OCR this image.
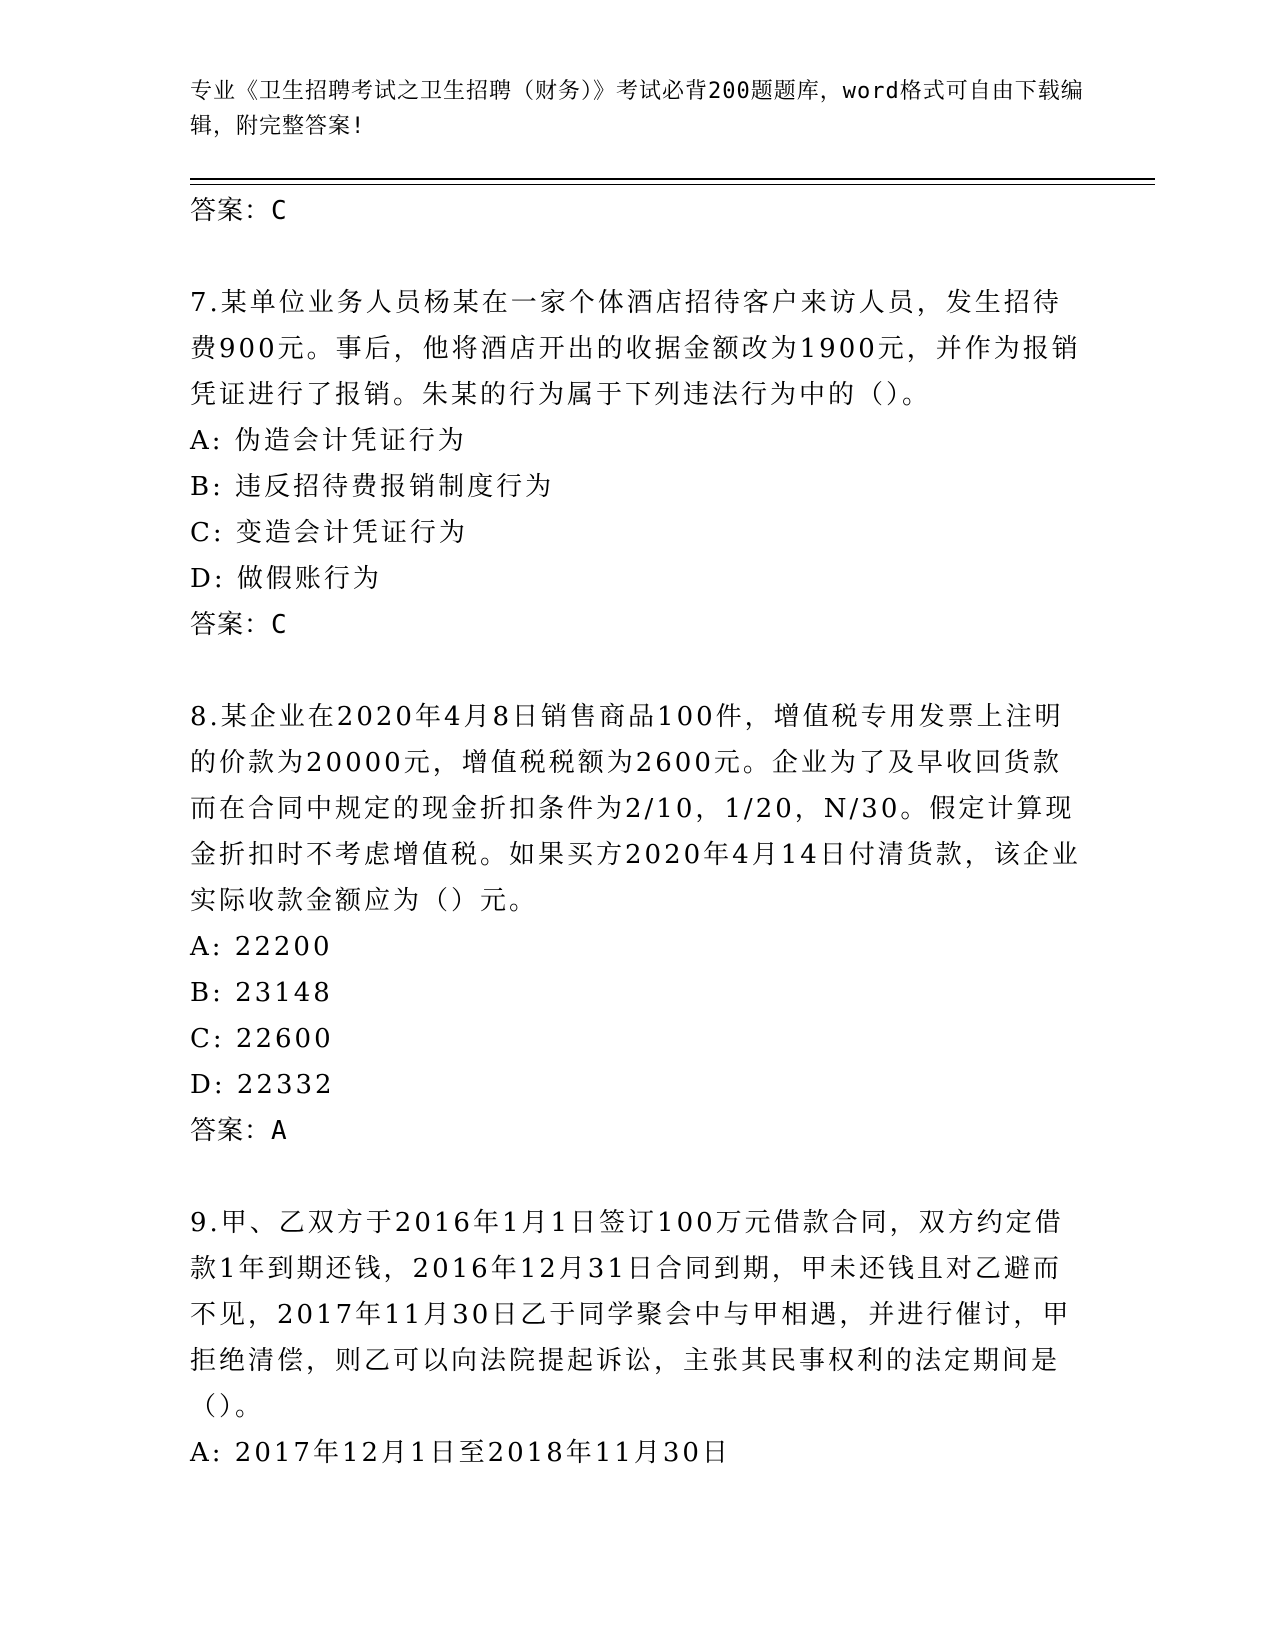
专业《卫生招聘考试之卫生招聘（财务）》考试必背200题题库，word格式可自由下载编辑，附完整答案!
答案：C

7.某单位业务人员杨某在一家个体酒店招待客户来访人员，发生招待费900元。事后，他将酒店开出的收据金额改为1900元，并作为报销凭证进行了报销。朱某的行为属于下列违法行为中的（）。

A: 伪造会计凭证行为
B: 违反招待费报销制度行为
C: 变造会计凭证行为
D: 做假账行为
答案：C

8.某企业在2020年4月8日销售商品100件，增值税专用发票上注明的价款为20000元，增值税税额为2600元。企业为了及早收回货款而在合同中规定的现金折扣条件为2/10，1/20，N/30。假定计算现金折扣时不考虑增值税。如果买方2020年4月14日付清货款，该企业实际收款金额应为（）元。

A: 22200
B: 23148
C: 22600
D: 22332
答案：A

9.甲、乙双方于2016年1月1日签订100万元借款合同，双方约定借款1年到期还钱，2016年12月31日合同到期，甲未还钱且对乙避而不见，2017年11月30日乙于同学聚会中与甲相遇，并进行催讨，甲拒绝清偿，则乙可以向法院提起诉讼，主张其民事权利的法定期间是（）。

A: 2017年12月1日至2018年11月30日
